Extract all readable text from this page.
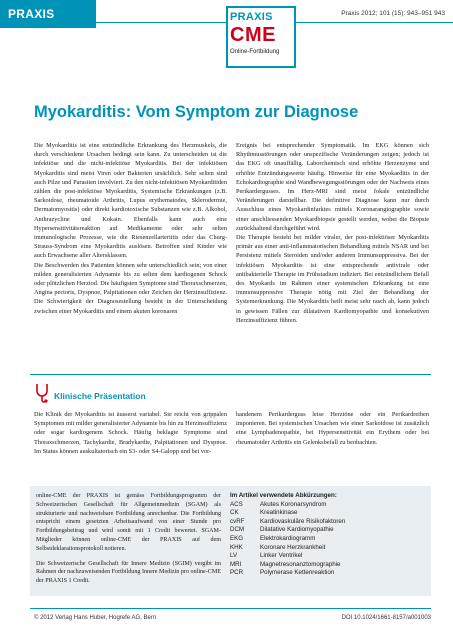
PRAXIS	PRAXIS
CME
Online-Fortbildung
Praxis 2012; 101 (15): 943–951 943
Myokarditis: Vom Symptom zur Diagnose

Die Myokarditis ist eine entzündliche Erkrankung des Herzmuskels, die durch verschiedene Ursachen bedingt sein kann. Zu unterscheiden ist die infektiöse und die nicht-infektiöse Myokarditis. Bei der infektiösen Myokarditis sind meist Viren oder Bakterien ursächlich. Sehr selten sind auch Pilze und Parasiten involviert. Zu den nicht-infektiösen Myokarditiden zählen die post-infektiöse Myokarditis, Systemische Erkrankungen (z.B. Sarkoidose, rheumatoide Arthritis, Lupus erythematodes, Sklerodermie, Dermatomyositis) oder direkt kardiotoxische Substanzen wie z.B. Alkohol, Anthrazycline und Kokain. Ebenfalls kann auch eine Hypersensitivitätsreaktion auf Medikamente oder sehr selten immunologische Prozesse, wie die Riesenzellarteriitis oder das Churg-Strauss-Syndrom eine Myokarditis auslösen. Betroffen sind Kinder wie auch Erwachsene aller Altersklassen.

Die Beschwerden des Patienten können sehr unterschiedlich sein; von einer milden generalisierten Adynamie bis zu selten dem kardiogenen Schock oder plötzlichen Herztod. Die häufigsten Symptome sind Thoraxschmerzen, Angina pectoris, Dyspnoe, Palpitationen oder Zeichen der Herzinsuffizienz. Die Schwierigkeit der Diagnosestellung besteht in der Unterscheidung zwischen einer Myokarditis und einem akuten koronaren

Ereignis bei entsprechender Symptomatik. Im EKG können sich Rhythmusstörungen oder unspezifische Veränderungen zeigen; jedoch ist das EKG oft unauffällig. Laborchemisch sind erhöhte Herzenzyme und erhöhte Entzündungswerte häufig. Hinweise für eine Myokarditis in der Echokardiographie sind Wandbewegungsstörungen oder der Nachweis eines Perikardergusses. Im Herz-MRI sind meist fokale entzündliche Veränderungen darstellbar. Die definitive Diagnose kann nur durch Ausschluss eines Myokardinfarktes mittels Koronarangiographie sowie einer anschliessenden Myokardbiopsie gestellt werden, wobei die Biopsie zurückhaltend durchgeführt wird.

Die Therapie besteht bei milder viraler, der post-infektiöser Myokarditis primär aus einer anti-inflammatorischen Behandlung mittels NSAR und bei Persistenz mittels Steroiden und/oder anderen Immunsuppressiva. Bei der infektiösen Myokarditis ist eine entsprechende antivirale oder antibakterielle Therapie im Frühstadium indiziert. Bei entzündlichem Befall des Myokards im Rahmen einer systemischen Erkrankung ist eine immunsuppressive Therapie nötig mit Ziel der Behandlung der Systemerkrankung. Die Myokarditis heilt meist sehr rasch ab, kann jedoch in gewissen Fällen zur dilatativen Kardiomyopathie und konsekutiven Herzinsuffizienz führen.

Klinische Präsentation

Die Klinik der Myokarditis ist äusserst variabel. Sie reicht von grippalen Symptomen mit milder generalisierter Adynamie bis hin zu Herzinsuffizienz oder sogar kardiogenem Schock. Häufig beklagte Symptome sind Thoraxschmerzen, Tachykardie, Bradykardie, Palpitationen und Dyspnoe. Im Status können auskultatorisch ein S3- oder S4-Galopp und bei vor-

handenem Perikarderguss leise Herztöne oder ein Perikardreiben imponieren. Bei systemischen Ursachen wie einer Sarkoidose ist zusätzlich eine Lymphadenopathie, bei Hypersensitivität ein Erythem oder bei rheumatoider Arthritis ein Gelenksbefall zu beobachten.

online-CME der PRAXIS ist gemäss Fortbildungsprogramm der Schweizerischen Gesellschaft für Allgemeinmedizin (SGAM) als strukturierte und nachweisbare Fortbildung anrechenbar. Die Fortbildung entspricht einem gesetzten Arbeitsaufwand von einer Stunde pro Fortbildungsbeitrag und wird somit mit 1 Credit bewertet. SGAM-Mitglieder können online-CME der PRAXIS auf dem Selbstdeklarationsprotokoll notieren.

Die Schweizerische Gesellschaft für Innere Medizin (SGIM) vergibt im Rahmen der nachzuweisenden Fortbildung Innere Medizin pro online-CME der PRAXIS 1 Credit.

Im Artikel verwendete Abkürzungen:
ACS	Akutes Koronarsyndrom
CK	Kreatinkinase
cvRF	Kardiovaskuläre Risikofaktoren
DCM	Dilatative Kardiomyopathie
EKG	Elektrokardiogramm
KHK	Koronare Herzkrankheit
LV	Linker Ventrikel
MRI	Magnetresonanztomographie
PCR	Polymerase Kettenreaktion
© 2012 Verlag Hans Huber, Hogrefe AG, Bern	DOI 10.1024/1661-8157/a001003
